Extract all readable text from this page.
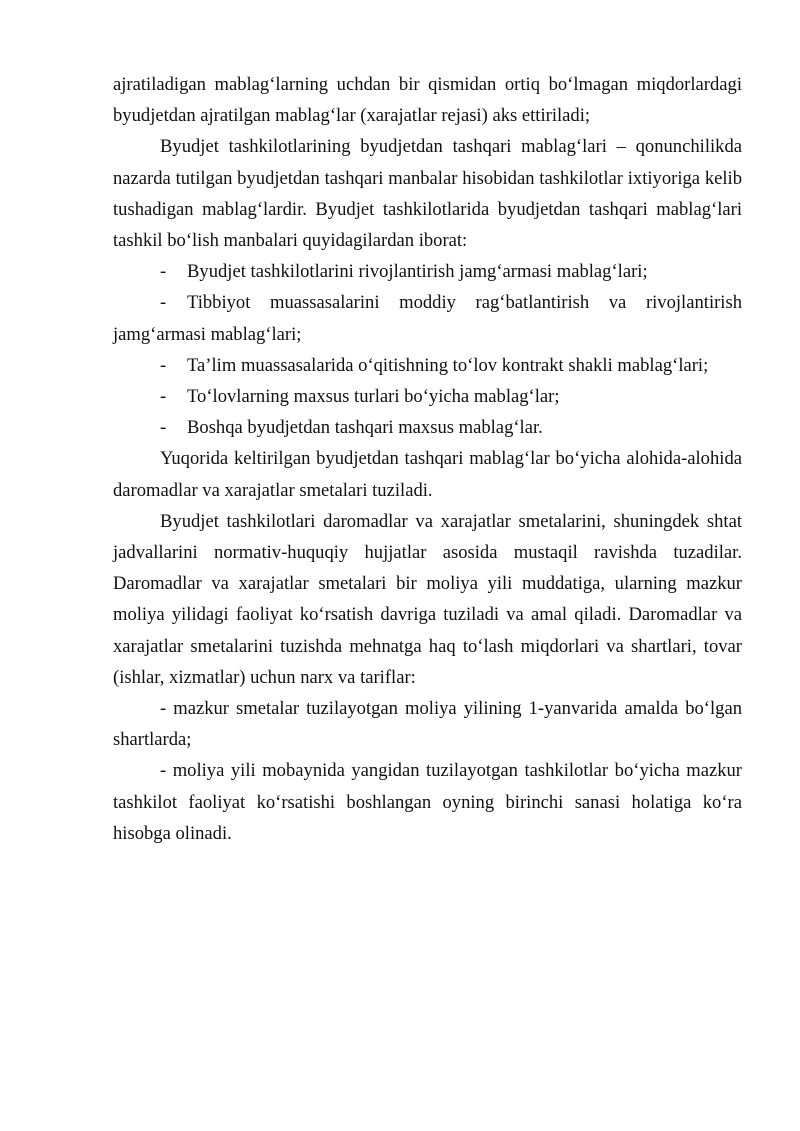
ajratiladigan mablag‘larning uchdan bir qismidan ortiq bo‘lmagan miqdorlardagi byudjetdan ajratilgan mablag‘lar (xarajatlar rejasi) aks ettiriladi;

Byudjet tashkilotlarining byudjetdan tashqari mablag‘lari – qonunchilikda nazarda tutilgan byudjetdan tashqari manbalar hisobidan tashkilotlar ixtiyoriga kelib tushadigan mablag‘lardir. Byudjet tashkilotlarida byudjetdan tashqari mablag‘lari tashkil bo‘lish manbalari quyidagilardan iborat:

- Byudjet tashkilotlarini rivojlantirish jamg‘armasi mablag‘lari;

- Tibbiyot muassasalarini moddiy rag‘batlantirish va rivojlantirish jamg‘armasi mablag‘lari;

- Ta’lim muassasalarida o‘qitishning to‘lov kontrakt shakli mablag‘lari;

- To‘lovlarning maxsus turlari bo‘yicha mablag‘lar;

- Boshqa byudjetdan tashqari maxsus mablag‘lar.

Yuqorida keltirilgan byudjetdan tashqari mablag‘lar bo‘yicha alohida-alohida daromadlar va xarajatlar smetalari tuziladi.

Byudjet tashkilotlari daromadlar va xarajatlar smetalarini, shuningdek shtat jadvallarini normativ-huquqiy hujjatlar asosida mustaqil ravishda tuzadilar. Daromadlar va xarajatlar smetalari bir moliya yili muddatiga, ularning mazkur moliya yilidagi faoliyat ko‘rsatish davriga tuziladi va amal qiladi. Daromadlar va xarajatlar smetalarini tuzishda mehnatga haq to‘lash miqdorlari va shartlari, tovar (ishlar, xizmatlar) uchun narx va tariflar:

- mazkur smetalar tuzilayotgan moliya yilining 1-yanvarida amalda bo‘lgan shartlarda;

- moliya yili mobaynida yangidan tuzilayotgan tashkilotlar bo‘yicha mazkur tashkilot faoliyat ko‘rsatishi boshlangan oyning birinchi sanasi holatiga ko‘ra hisobga olinadi.
